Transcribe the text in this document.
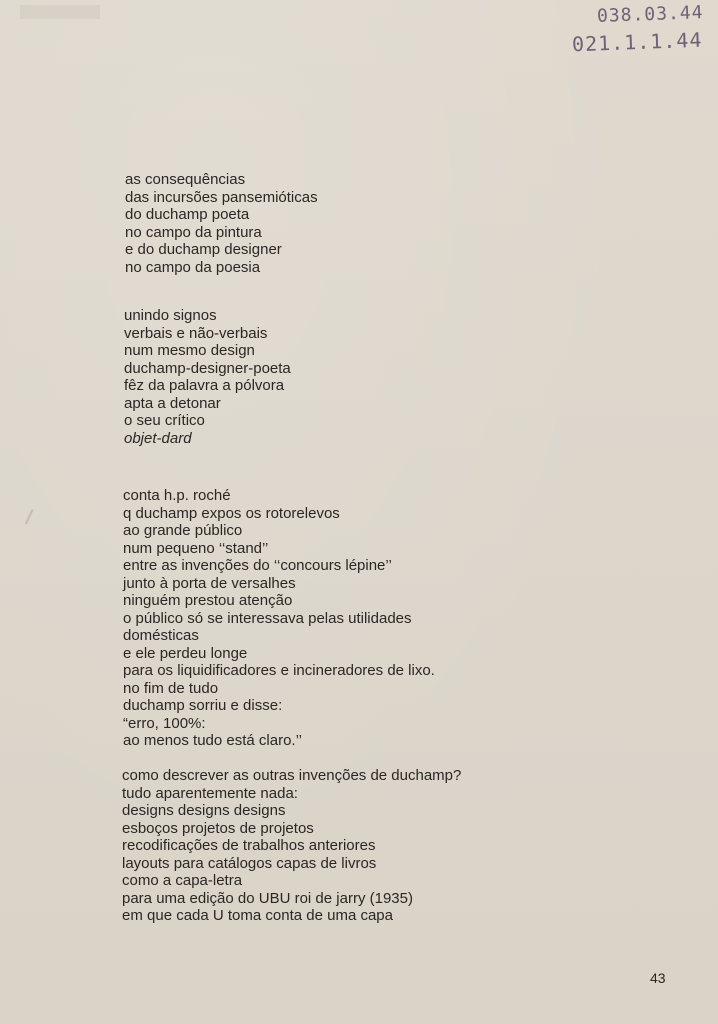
038.03.44
021.1.1.44
as consequências
das incursões pansemióticas
do duchamp poeta
no campo da pintura
e do duchamp designer
no campo da poesia
unindo signos
verbais e não-verbais
num mesmo design
duchamp-designer-poeta
fêz da palavra a pólvora
apta a detonar
o seu crítico
objet-dard
conta h.p. roché
q duchamp expos os rotorelevos
ao grande público
num pequeno ‘‘stand’’
entre as invenções do ‘‘concours lépine’’
junto à porta de versalhes
ninguém prestou atenção
o público só se interessava pelas utilidades
domésticas
e ele perdeu longe
para os liquidificadores e incineradores de lixo.
no fim de tudo
duchamp sorriu e disse:
“erro, 100%:
ao menos tudo está claro.’’
como descrever as outras invenções de duchamp?
tudo aparentemente nada:
designs designs designs
esboços projetos de projetos
recodificações de trabalhos anteriores
layouts para catálogos capas de livros
como a capa-letra
para uma edição do UBU roi de jarry (1935)
em que cada U toma conta de uma capa
43
